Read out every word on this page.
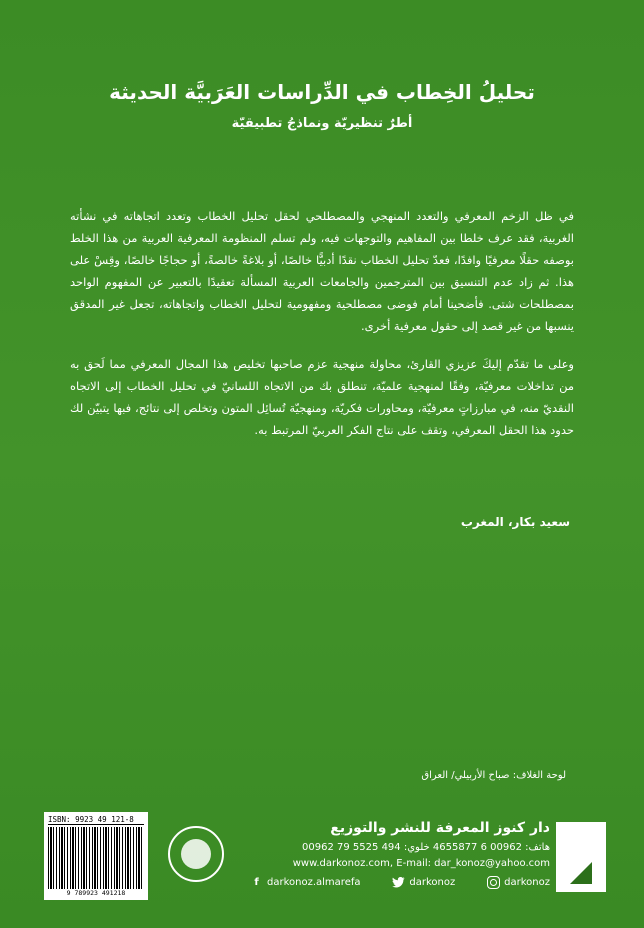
تحليلُ الخِطاب في الدِّراسات العَرَبيَّة الحديثة
أطرٌ تنظيريّة ونماذجُ تطبيقيّة

في ظل الزخم المعرفي والتعدد المنهجي والمصطلحي لحقل تحليل الخطاب وتعدد اتجاهاته في نشأته الغربية، فقد عرف خلطا بين المفاهيم والتوجهات فيه، ولم تسلم المنظومة المعرفية العربية من هذا الخلط بوصفه حقلًا معرفيًا وافدًا، فعدّ تحليل الخطاب نقدًا أدبيًّا خالصًا، أو بلاغةً خالصةً، أو حجاجًا خالصًا، وقِسْ على هذا. ثم زاد عدم التنسيق بين المترجمين والجامعات العربية المسألة تعقيدًا بالتعبير عن المفهوم الواحد بمصطلحات شتى. فأضحينا أمام فوضى مصطلحية ومفهومية لتحليل الخطاب واتجاهاته، تجعل غير المدقق ينسبها من غير قصد إلى حقول معرفية أخرى.

وعلى ما تقدّم إليكَ عزيزي القارئ، محاولة منهجية عزم صاحبها تخليص هذا المجال المعرفي مما لَحق به من تداخلات معرفيّة، وفقًا لمنهجية علميّة، تنطلق بك من الاتجاه اللسانيّ في تحليل الخطاب إلى الاتجاه النقديّ منه، في مبارزاتٍ معرفيّة، ومحاورات فكريّة، ومنهجيّة تُسائِل المتون وتخلص إلى نتائج، فبها يتبيّن لك حدود هذا الحقل المعرفي، وتقف على نتاج الفكر العربيّ المرتبط به.

سعيد بكار، المغرب
لوحة الغلاف: صباح الأربيلي/ العراق
ISBN: 9923 49 121-8
9 789923 491218
دار كنوز المعرفة للنشر والتوزيع
هاتف: 00962 6 4655877 خلوي: 494 5525 79 00962
www.darkonoz.com, E-mail: dar_konoz@yahoo.com
f darkonoz.almarefa	darkonoz	darkonoz
